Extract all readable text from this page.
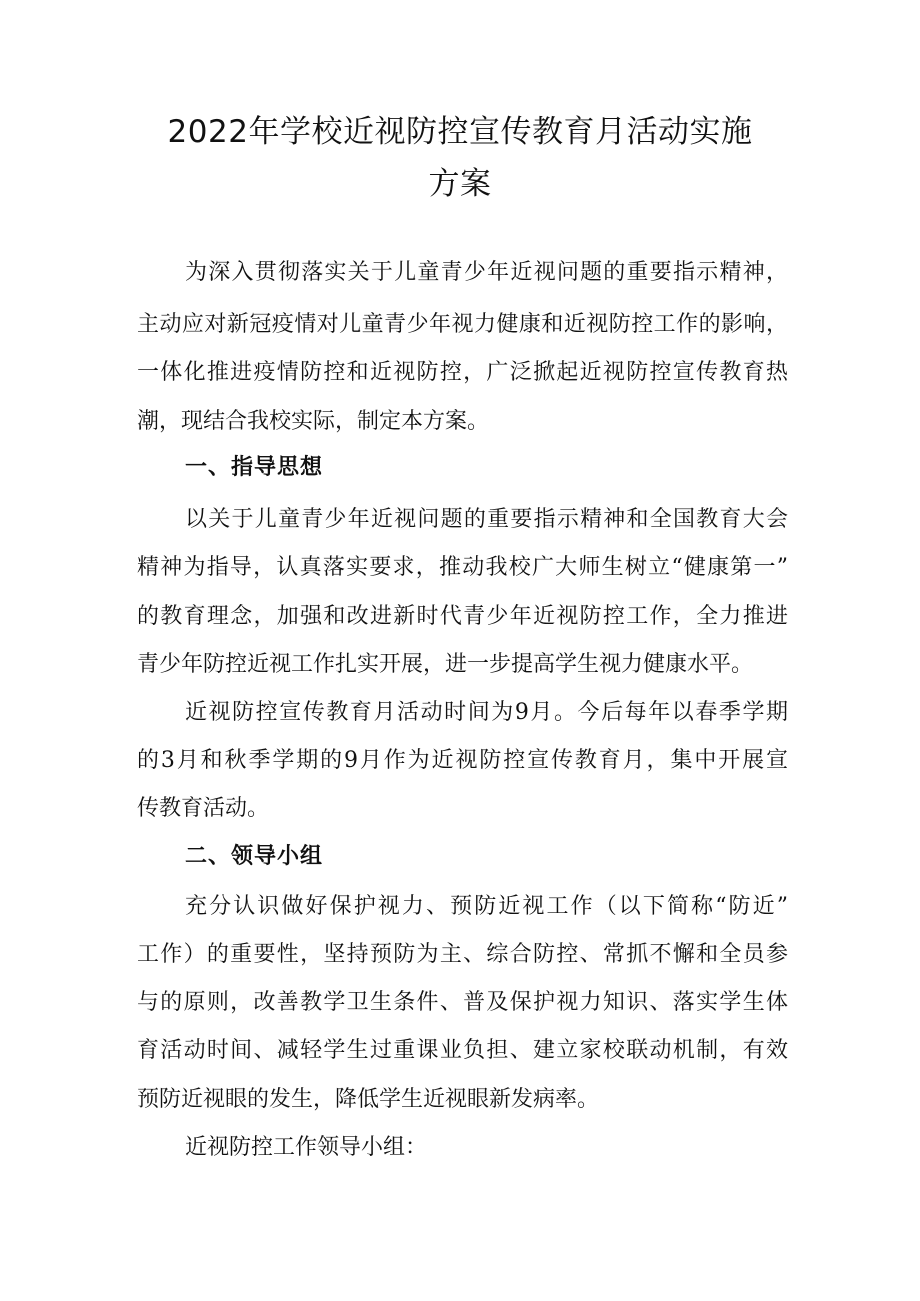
2022年学校近视防控宣传教育月活动实施
方案

为深入贯彻落实关于儿童青少年近视问题的重要指示精神，

主动应对新冠疫情对儿童青少年视力健康和近视防控工作的影响，

一体化推进疫情防控和近视防控，广泛掀起近视防控宣传教育热

潮，现结合我校实际，制定本方案。

一、指导思想

以关于儿童青少年近视问题的重要指示精神和全国教育大会

精神为指导，认真落实要求，推动我校广大师生树立“健康第一”

的教育理念，加强和改进新时代青少年近视防控工作，全力推进

青少年防控近视工作扎实开展，进一步提高学生视力健康水平。

近视防控宣传教育月活动时间为9月。今后每年以春季学期

的3月和秋季学期的9月作为近视防控宣传教育月，集中开展宣

传教育活动。

二、领导小组

充分认识做好保护视力、预防近视工作（以下简称“防近”

工作）的重要性，坚持预防为主、综合防控、常抓不懈和全员参

与的原则，改善教学卫生条件、普及保护视力知识、落实学生体

育活动时间、减轻学生过重课业负担、建立家校联动机制，有效

预防近视眼的发生，降低学生近视眼新发病率。

近视防控工作领导小组：
